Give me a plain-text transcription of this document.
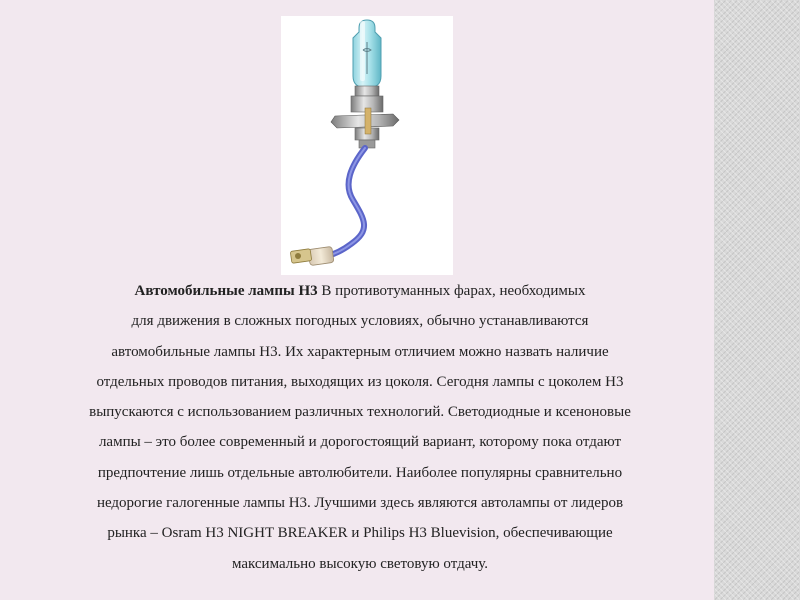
Автомобильные лампы Н3 В противотуманных фарах, необходимых
для движения в сложных погодных условиях, обычно устанавливаются
автомобильные лампы Н3. Их характерным отличием можно назвать наличие
отдельных проводов питания, выходящих из цоколя. Сегодня лампы с цоколем Н3
выпускаются с использованием различных технологий. Светодиодные и ксеноновые
лампы – это более современный и дорогостоящий вариант, которому пока отдают
предпочтение лишь отдельные автолюбители. Наиболее популярны сравнительно
недорогие галогенные лампы Н3. Лучшими здесь являются автолампы от лидеров
рынка – Osram H3 NIGHT BREAKER и Philips H3 Bluevision, обеспечивающие
максимально высокую световую отдачу.
